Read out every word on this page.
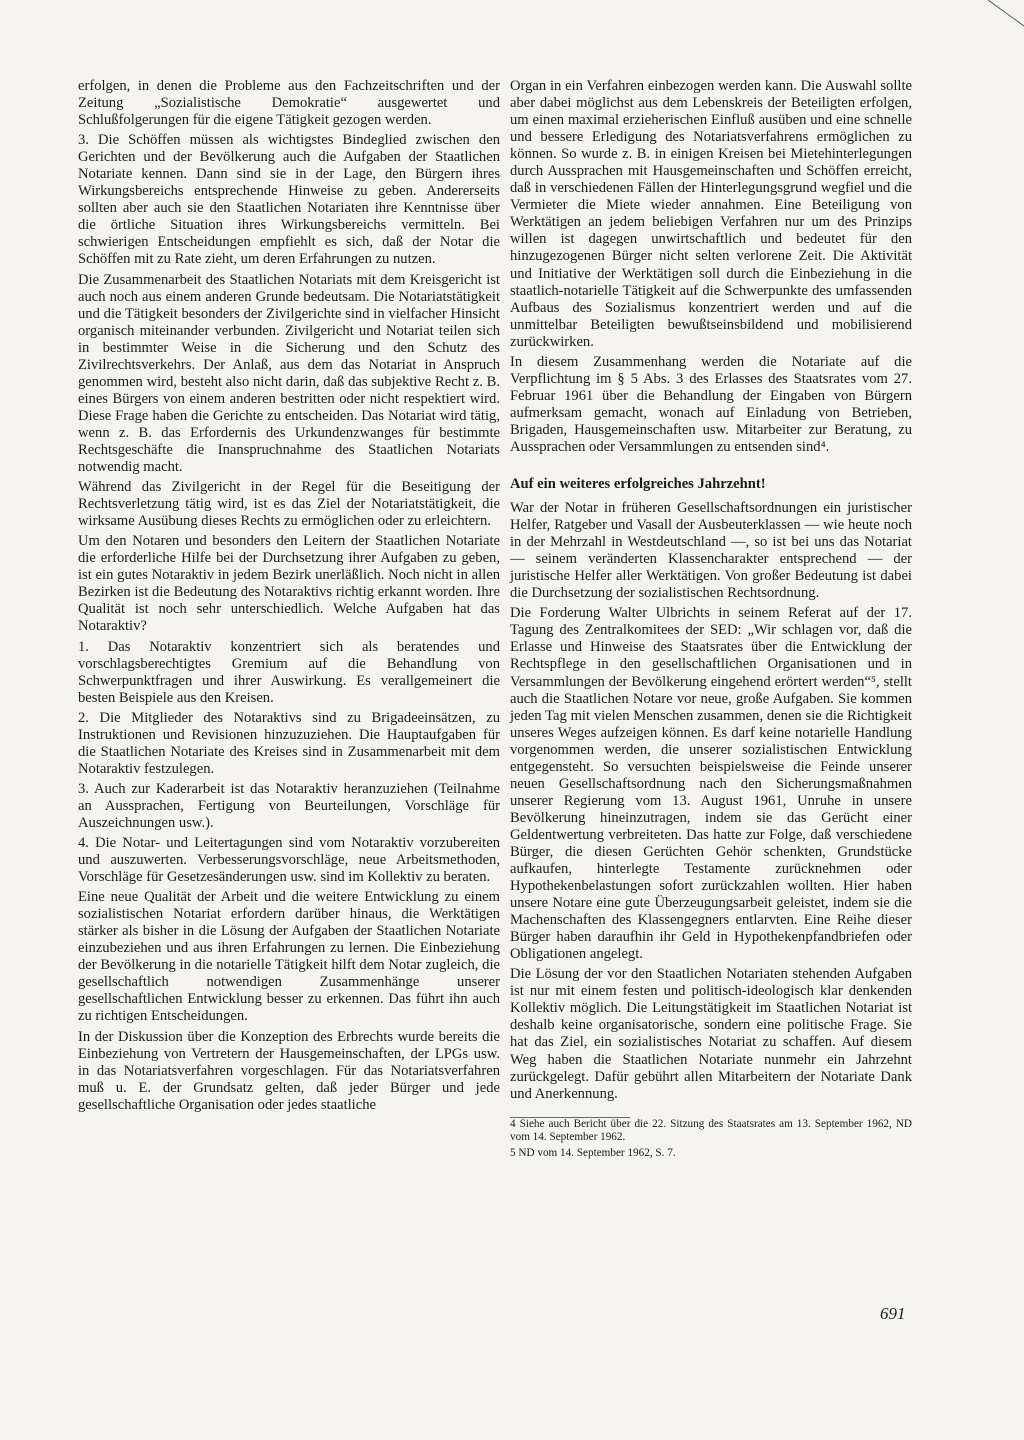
erfolgen, in denen die Probleme aus den Fachzeitschriften und der Zeitung „Sozialistische Demokratie“ ausgewertet und Schlußfolgerungen für die eigene Tätigkeit gezogen werden.

3. Die Schöffen müssen als wichtigstes Bindeglied zwischen den Gerichten und der Bevölkerung auch die Aufgaben der Staatlichen Notariate kennen. Dann sind sie in der Lage, den Bürgern ihres Wirkungsbereichs entsprechende Hinweise zu geben. Andererseits sollten aber auch sie den Staatlichen Notariaten ihre Kenntnisse über die örtliche Situation ihres Wirkungsbereichs vermitteln. Bei schwierigen Entscheidungen empfiehlt es sich, daß der Notar die Schöffen mit zu Rate zieht, um deren Erfahrungen zu nutzen.

Die Zusammenarbeit des Staatlichen Notariats mit dem Kreisgericht ist auch noch aus einem anderen Grunde bedeutsam. Die Notariatstätigkeit und die Tätigkeit besonders der Zivilgerichte sind in vielfacher Hinsicht organisch miteinander verbunden. Zivilgericht und Notariat teilen sich in bestimmter Weise in die Sicherung und den Schutz des Zivilrechtsverkehrs. Der Anlaß, aus dem das Notariat in Anspruch genommen wird, besteht also nicht darin, daß das subjektive Recht z. B. eines Bürgers von einem anderen bestritten oder nicht respektiert wird. Diese Frage haben die Gerichte zu entscheiden. Das Notariat wird tätig, wenn z. B. das Erfordernis des Urkundenzwanges für bestimmte Rechtsgeschäfte die Inanspruchnahme des Staatlichen Notariats notwendig macht.

Während das Zivilgericht in der Regel für die Beseitigung der Rechtsverletzung tätig wird, ist es das Ziel der Notariatstätigkeit, die wirksame Ausübung dieses Rechts zu ermöglichen oder zu erleichtern.

Um den Notaren und besonders den Leitern der Staatlichen Notariate die erforderliche Hilfe bei der Durchsetzung ihrer Aufgaben zu geben, ist ein gutes Notaraktiv in jedem Bezirk unerläßlich. Noch nicht in allen Bezirken ist die Bedeutung des Notaraktivs richtig erkannt worden. Ihre Qualität ist noch sehr unterschiedlich. Welche Aufgaben hat das Notaraktiv?

1. Das Notaraktiv konzentriert sich als beratendes und vorschlagsberechtigtes Gremium auf die Behandlung von Schwerpunktfragen und ihrer Auswirkung. Es verallgemeinert die besten Beispiele aus den Kreisen.

2. Die Mitglieder des Notaraktivs sind zu Brigadeeinsätzen, zu Instruktionen und Revisionen hinzuzuziehen. Die Hauptaufgaben für die Staatlichen Notariate des Kreises sind in Zusammenarbeit mit dem Notaraktiv festzulegen.

3. Auch zur Kaderarbeit ist das Notaraktiv heranzuziehen (Teilnahme an Aussprachen, Fertigung von Beurteilungen, Vorschläge für Auszeichnungen usw.).

4. Die Notar- und Leitertagungen sind vom Notaraktiv vorzubereiten und auszuwerten. Verbesserungsvorschläge, neue Arbeitsmethoden, Vorschläge für Gesetzesänderungen usw. sind im Kollektiv zu beraten.

Eine neue Qualität der Arbeit und die weitere Entwicklung zu einem sozialistischen Notariat erfordern darüber hinaus, die Werktätigen stärker als bisher in die Lösung der Aufgaben der Staatlichen Notariate einzubeziehen und aus ihren Erfahrungen zu lernen. Die Einbeziehung der Bevölkerung in die notarielle Tätigkeit hilft dem Notar zugleich, die gesellschaftlich notwendigen Zusammenhänge unserer gesellschaftlichen Entwicklung besser zu erkennen. Das führt ihn auch zu richtigen Entscheidungen.

In der Diskussion über die Konzeption des Erbrechts wurde bereits die Einbeziehung von Vertretern der Hausgemeinschaften, der LPGs usw. in das Notariatsverfahren vorgeschlagen. Für das Notariatsverfahren muß u. E. der Grundsatz gelten, daß jeder Bürger und jede gesellschaftliche Organisation oder jedes staatliche

Organ in ein Verfahren einbezogen werden kann. Die Auswahl sollte aber dabei möglichst aus dem Lebenskreis der Beteiligten erfolgen, um einen maximal erzieherischen Einfluß ausüben und eine schnelle und bessere Erledigung des Notariatsverfahrens ermöglichen zu können. So wurde z. B. in einigen Kreisen bei Mietehinterlegungen durch Aussprachen mit Hausgemeinschaften und Schöffen erreicht, daß in verschiedenen Fällen der Hinterlegungsgrund wegfiel und die Vermieter die Miete wieder annahmen. Eine Beteiligung von Werktätigen an jedem beliebigen Verfahren nur um des Prinzips willen ist dagegen unwirtschaftlich und bedeutet für den hinzugezogenen Bürger nicht selten verlorene Zeit. Die Aktivität und Initiative der Werktätigen soll durch die Einbeziehung in die staatlich-notarielle Tätigkeit auf die Schwerpunkte des umfassenden Aufbaus des Sozialismus konzentriert werden und auf die unmittelbar Beteiligten bewußtseinsbildend und mobilisierend zurückwirken.

In diesem Zusammenhang werden die Notariate auf die Verpflichtung im § 5 Abs. 3 des Erlasses des Staatsrates vom 27. Februar 1961 über die Behandlung der Eingaben von Bürgern aufmerksam gemacht, wonach auf Einladung von Betrieben, Brigaden, Hausgemeinschaften usw. Mitarbeiter zur Beratung, zu Aussprachen oder Versammlungen zu entsenden sind⁴.

Auf ein weiteres erfolgreiches Jahrzehnt!

War der Notar in früheren Gesellschaftsordnungen ein juristischer Helfer, Ratgeber und Vasall der Ausbeuterklassen — wie heute noch in der Mehrzahl in Westdeutschland —, so ist bei uns das Notariat — seinem veränderten Klassencharakter entsprechend — der juristische Helfer aller Werktätigen. Von großer Bedeutung ist dabei die Durchsetzung der sozialistischen Rechtsordnung.

Die Forderung Walter Ulbrichts in seinem Referat auf der 17. Tagung des Zentralkomitees der SED: „Wir schlagen vor, daß die Erlasse und Hinweise des Staatsrates über die Entwicklung der Rechtspflege in den gesellschaftlichen Organisationen und in Versammlungen der Bevölkerung eingehend erörtert werden“⁵, stellt auch die Staatlichen Notare vor neue, große Aufgaben. Sie kommen jeden Tag mit vielen Menschen zusammen, denen sie die Richtigkeit unseres Weges aufzeigen können. Es darf keine notarielle Handlung vorgenommen werden, die unserer sozialistischen Entwicklung entgegensteht. So versuchten beispielsweise die Feinde unserer neuen Gesellschaftsordnung nach den Sicherungsmaßnahmen unserer Regierung vom 13. August 1961, Unruhe in unsere Bevölkerung hineinzutragen, indem sie das Gerücht einer Geldentwertung verbreiteten. Das hatte zur Folge, daß verschiedene Bürger, die diesen Gerüchten Gehör schenkten, Grundstücke aufkaufen, hinterlegte Testamente zurücknehmen oder Hypothekenbelastungen sofort zurückzahlen wollten. Hier haben unsere Notare eine gute Überzeugungsarbeit geleistet, indem sie die Machenschaften des Klassengegners entlarvten. Eine Reihe dieser Bürger haben daraufhin ihr Geld in Hypothekenpfandbriefen oder Obligationen angelegt.

Die Lösung der vor den Staatlichen Notariaten stehenden Aufgaben ist nur mit einem festen und politisch-ideologisch klar denkenden Kollektiv möglich. Die Leitungstätigkeit im Staatlichen Notariat ist deshalb keine organisatorische, sondern eine politische Frage. Sie hat das Ziel, ein sozialistisches Notariat zu schaffen. Auf diesem Weg haben die Staatlichen Notariate nunmehr ein Jahrzehnt zurückgelegt. Dafür gebührt allen Mitarbeitern der Notariate Dank und Anerkennung.

4 Siehe auch Bericht über die 22. Sitzung des Staatsrates am 13. September 1962, ND vom 14. September 1962.

5 ND vom 14. September 1962, S. 7.

691
